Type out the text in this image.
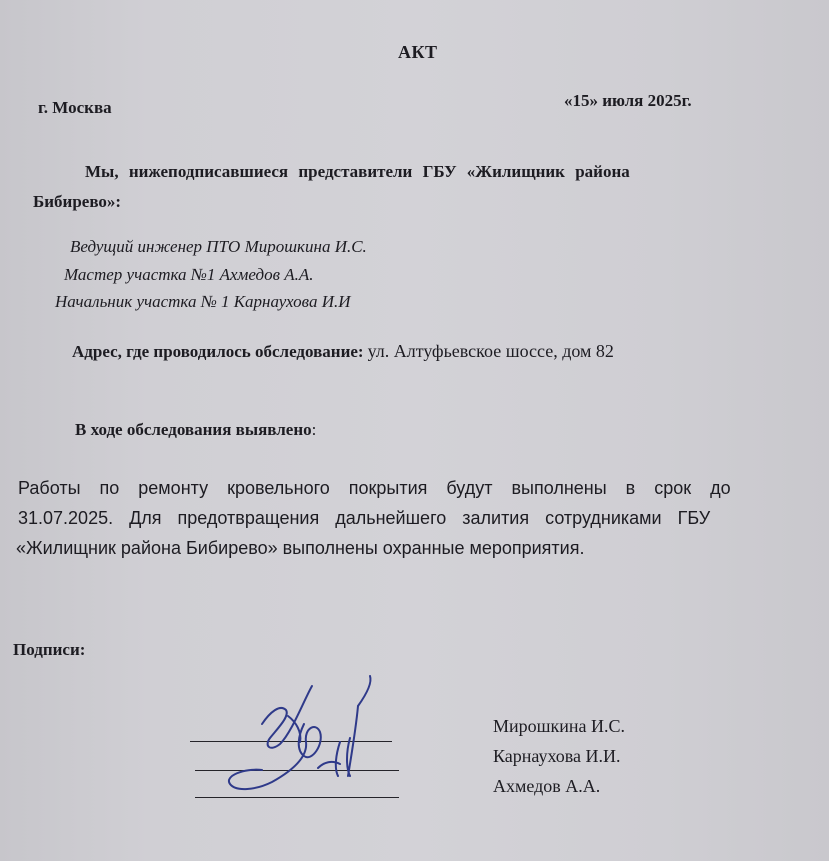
АКТ

г. Москва	«15» июля 2025г.

Мы, нижеподписавшиеся представители ГБУ «Жилищник района

Бибирево»:

Ведущий инженер ПТО Мирошкина И.С.

Мастер участка №1 Ахмедов А.А.

Начальник участка № 1 Карнаухова И.И

Адрес, где проводилось обследование: ул. Алтуфьевское шоссе, дом 82

В ходе обследования выявлено:

Работы по ремонту кровельного покрытия будут выполнены в срок до

31.07.2025. Для предотвращения дальнейшего залития сотрудниками ГБУ

«Жилищник района Бибирево» выполнены охранные мероприятия.

Подписи:

Мирошкина И.С.

Карнаухова И.И.

Ахмедов А.А.
